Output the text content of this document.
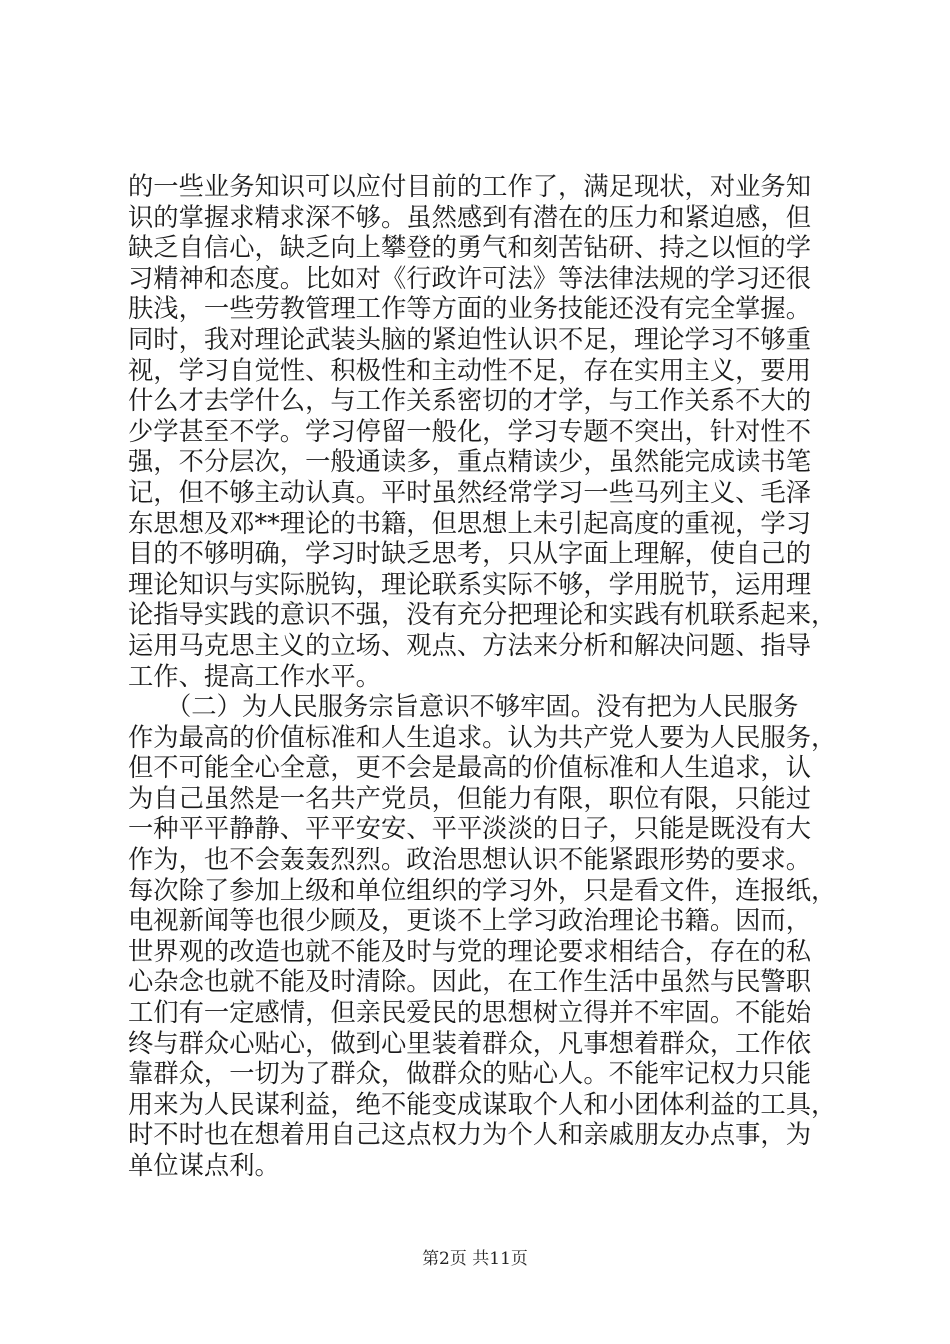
的一些业务知识可以应付目前的工作了，满足现状，对业务知
识的掌握求精求深不够。虽然感到有潜在的压力和紧迫感，但
缺乏自信心，缺乏向上攀登的勇气和刻苦钻研、持之以恒的学
习精神和态度。比如对《行政许可法》等法律法规的学习还很
肤浅，一些劳教管理工作等方面的业务技能还没有完全掌握。
同时，我对理论武装头脑的紧迫性认识不足，理论学习不够重
视，学习自觉性、积极性和主动性不足，存在实用主义，要用
什么才去学什么，与工作关系密切的才学，与工作关系不大的
少学甚至不学。学习停留一般化，学习专题不突出，针对性不
强，不分层次，一般通读多，重点精读少，虽然能完成读书笔
记，但不够主动认真。平时虽然经常学习一些马列主义、毛泽
东思想及邓**理论的书籍，但思想上未引起高度的重视，学习
目的不够明确，学习时缺乏思考，只从字面上理解，使自己的
理论知识与实际脱钩，理论联系实际不够，学用脱节，运用理
论指导实践的意识不强，没有充分把理论和实践有机联系起来，
运用马克思主义的立场、观点、方法来分析和解决问题、指导
工作、提高工作水平。
　　（二）为人民服务宗旨意识不够牢固。没有把为人民服务
作为最高的价值标准和人生追求。认为共产党人要为人民服务，
但不可能全心全意，更不会是最高的价值标准和人生追求，认
为自己虽然是一名共产党员，但能力有限，职位有限，只能过
一种平平静静、平平安安、平平淡淡的日子，只能是既没有大
作为，也不会轰轰烈烈。政治思想认识不能紧跟形势的要求。
每次除了参加上级和单位组织的学习外，只是看文件，连报纸，
电视新闻等也很少顾及，更谈不上学习政治理论书籍。因而，
世界观的改造也就不能及时与党的理论要求相结合，存在的私
心杂念也就不能及时清除。因此，在工作生活中虽然与民警职
工们有一定感情，但亲民爱民的思想树立得并不牢固。不能始
终与群众心贴心，做到心里装着群众，凡事想着群众，工作依
靠群众，一切为了群众，做群众的贴心人。不能牢记权力只能
用来为人民谋利益，绝不能变成谋取个人和小团体利益的工具，
时不时也在想着用自己这点权力为个人和亲戚朋友办点事，为
单位谋点利。
第2页 共11页
